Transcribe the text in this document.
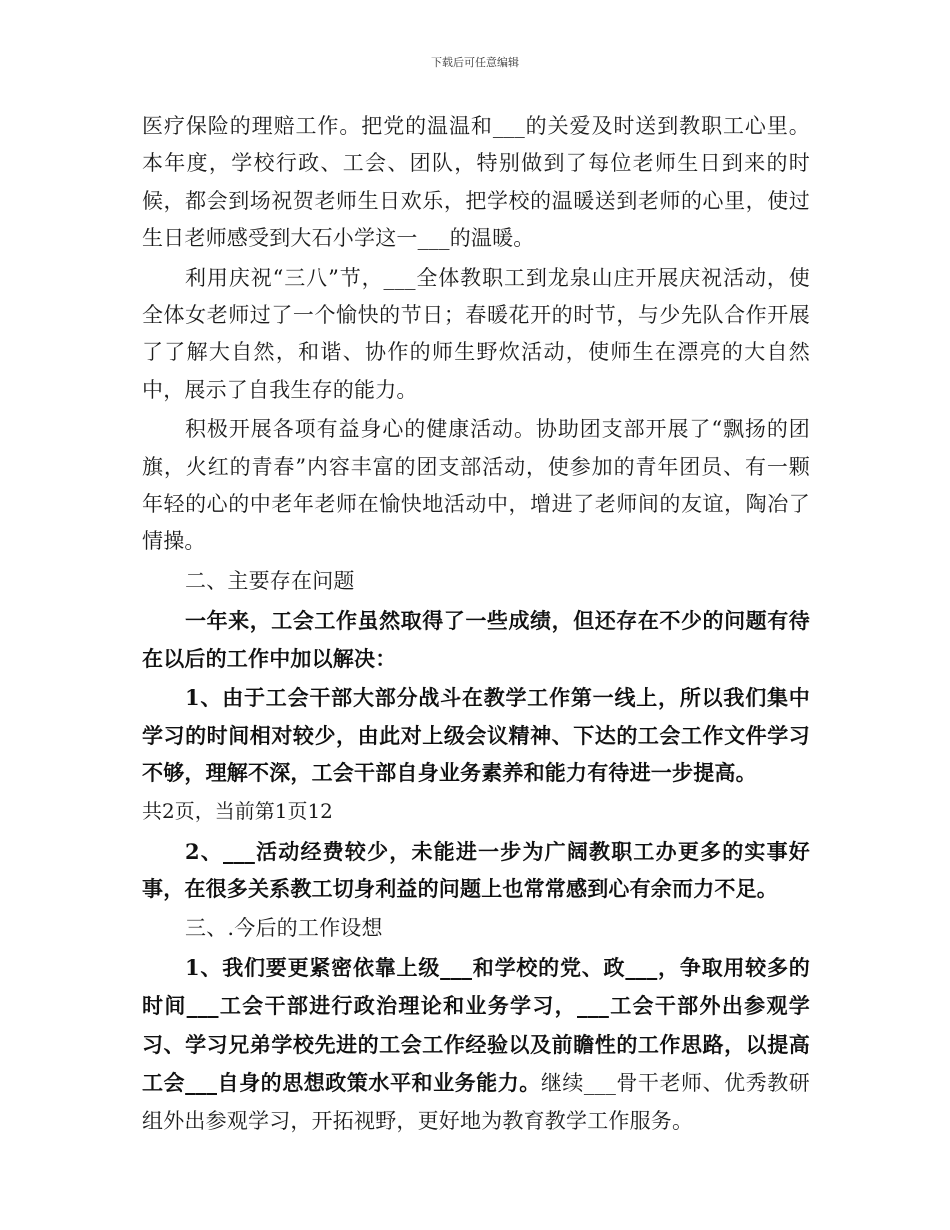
下载后可任意编辑

医疗保险的理赔工作。把党的温温和___的关爱及时送到教职工心里。本年度，学校行政、工会、团队，特别做到了每位老师生日到来的时候，都会到场祝贺老师生日欢乐，把学校的温暖送到老师的心里，使过生日老师感受到大石小学这一___的温暖。

利用庆祝“三八”节，___全体教职工到龙泉山庄开展庆祝活动，使全体女老师过了一个愉快的节日；春暖花开的时节，与少先队合作开展了了解大自然，和谐、协作的师生野炊活动，使师生在漂亮的大自然中，展示了自我生存的能力。

积极开展各项有益身心的健康活动。协助团支部开展了“飘扬的团旗，火红的青春”内容丰富的团支部活动，使参加的青年团员、有一颗年轻的心的中老年老师在愉快地活动中，增进了老师间的友谊，陶冶了情操。

二、主要存在问题

一年来，工会工作虽然取得了一些成绩，但还存在不少的问题有待在以后的工作中加以解决：

1、由于工会干部大部分战斗在教学工作第一线上，所以我们集中学习的时间相对较少，由此对上级会议精神、下达的工会工作文件学习不够，理解不深，工会干部自身业务素养和能力有待进一步提高。

共2页，当前第1页12

2、___活动经费较少，未能进一步为广阔教职工办更多的实事好事，在很多关系教工切身利益的问题上也常常感到心有余而力不足。

三、.今后的工作设想

1、我们要更紧密依靠上级___和学校的党、政___，争取用较多的时间___工会干部进行政治理论和业务学习，___工会干部外出参观学习、学习兄弟学校先进的工会工作经验以及前瞻性的工作思路，以提高工会___自身的思想政策水平和业务能力。继续___骨干老师、优秀教研组外出参观学习，开拓视野，更好地为教育教学工作服务。
